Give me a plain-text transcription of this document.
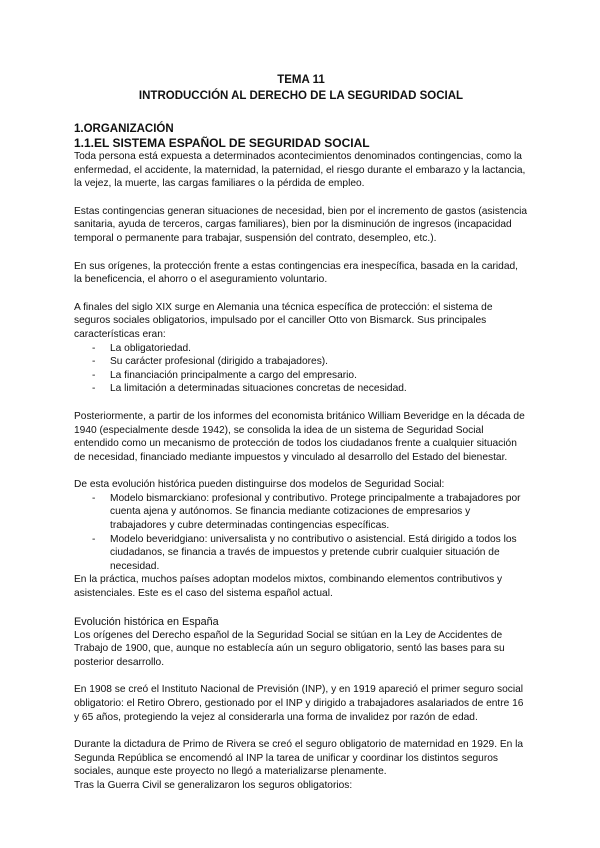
TEMA 11
INTRODUCCIÓN AL DERECHO DE LA SEGURIDAD SOCIAL
1.ORGANIZACIÓN
1.1.EL SISTEMA ESPAÑOL DE SEGURIDAD SOCIAL

Toda persona está expuesta a determinados acontecimientos denominados contingencias, como la enfermedad, el accidente, la maternidad, la paternidad, el riesgo durante el embarazo y la lactancia, la vejez, la muerte, las cargas familiares o la pérdida de empleo.

Estas contingencias generan situaciones de necesidad, bien por el incremento de gastos (asistencia sanitaria, ayuda de terceros, cargas familiares), bien por la disminución de ingresos (incapacidad temporal o permanente para trabajar, suspensión del contrato, desempleo, etc.).

En sus orígenes, la protección frente a estas contingencias era inespecífica, basada en la caridad, la beneficencia, el ahorro o el aseguramiento voluntario.

A finales del siglo XIX surge en Alemania una técnica específica de protección: el sistema de seguros sociales obligatorios, impulsado por el canciller Otto von Bismarck. Sus principales características eran:

- La obligatoriedad.
- Su carácter profesional (dirigido a trabajadores).
- La financiación principalmente a cargo del empresario.
- La limitación a determinadas situaciones concretas de necesidad.

Posteriormente, a partir de los informes del economista británico William Beveridge en la década de 1940 (especialmente desde 1942), se consolida la idea de un sistema de Seguridad Social entendido como un mecanismo de protección de todos los ciudadanos frente a cualquier situación de necesidad, financiado mediante impuestos y vinculado al desarrollo del Estado del bienestar.

De esta evolución histórica pueden distinguirse dos modelos de Seguridad Social:

- Modelo bismarckiano: profesional y contributivo. Protege principalmente a trabajadores por cuenta ajena y autónomos. Se financia mediante cotizaciones de empresarios y trabajadores y cubre determinadas contingencias específicas.
- Modelo beveridgiano: universalista y no contributivo o asistencial. Está dirigido a todos los ciudadanos, se financia a través de impuestos y pretende cubrir cualquier situación de necesidad.

En la práctica, muchos países adoptan modelos mixtos, combinando elementos contributivos y asistenciales. Este es el caso del sistema español actual.

Evolución histórica en España

Los orígenes del Derecho español de la Seguridad Social se sitúan en la Ley de Accidentes de Trabajo de 1900, que, aunque no establecía aún un seguro obligatorio, sentó las bases para su posterior desarrollo.

En 1908 se creó el Instituto Nacional de Previsión (INP), y en 1919 apareció el primer seguro social obligatorio: el Retiro Obrero, gestionado por el INP y dirigido a trabajadores asalariados de entre 16 y 65 años, protegiendo la vejez al considerarla una forma de invalidez por razón de edad.

Durante la dictadura de Primo de Rivera se creó el seguro obligatorio de maternidad en 1929. En la Segunda República se encomendó al INP la tarea de unificar y coordinar los distintos seguros sociales, aunque este proyecto no llegó a materializarse plenamente.

Tras la Guerra Civil se generalizaron los seguros obligatorios:
